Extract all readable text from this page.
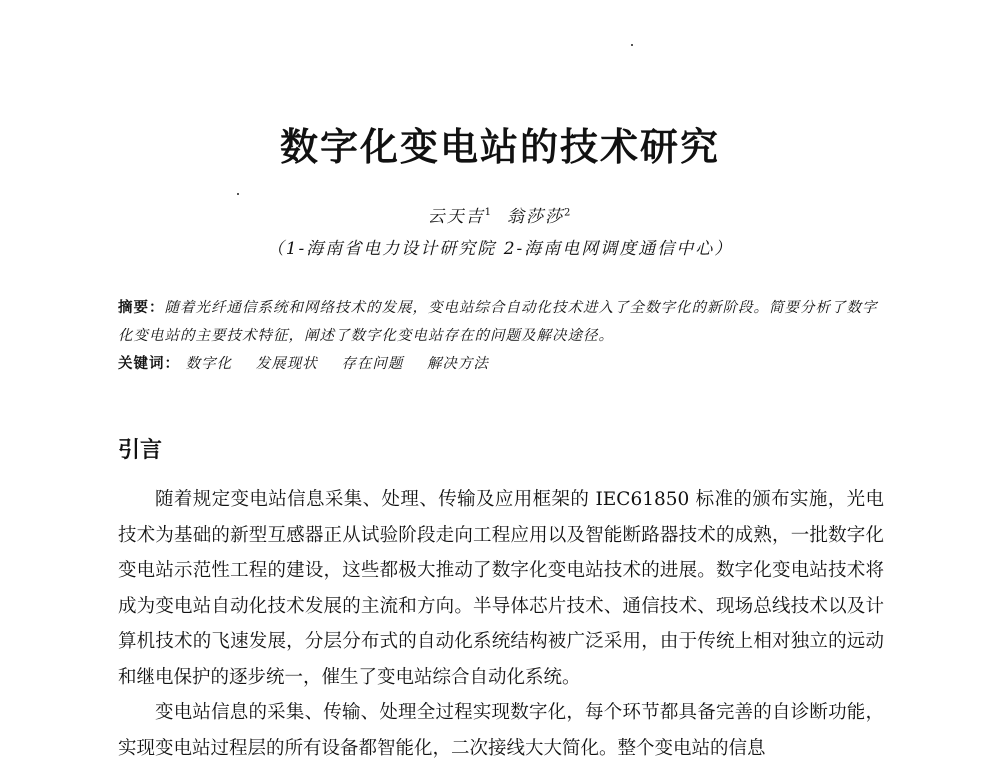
数字化变电站的技术研究
云天吉$^1$ 翁莎莎$^2$
（1-海南省电力设计研究院 2-海南电网调度通信中心）
摘要：随着光纤通信系统和网络技术的发展，变电站综合自动化技术进入了全数字化的新阶段。简要分析了数字化变电站的主要技术特征，阐述了数字化变电站存在的问题及解决途径。
关键词： 数字化 发展现状 存在问题 解决方法
引言

随着规定变电站信息采集、处理、传输及应用框架的 IEC61850 标准的颁布实施，光电技术为基础的新型互感器正从试验阶段走向工程应用以及智能断路器技术的成熟，一批数字化变电站示范性工程的建设，这些都极大推动了数字化变电站技术的进展。数字化变电站技术将成为变电站自动化技术发展的主流和方向。半导体芯片技术、通信技术、现场总线技术以及计算机技术的飞速发展，分层分布式的自动化系统结构被广泛采用，由于传统上相对独立的远动和继电保护的逐步统一，催生了变电站综合自动化系统。

变电站信息的采集、传输、处理全过程实现数字化，每个环节都具备完善的自诊断功能，实现变电站过程层的所有设备都智能化，二次接线大大简化。整个变电站的信息
